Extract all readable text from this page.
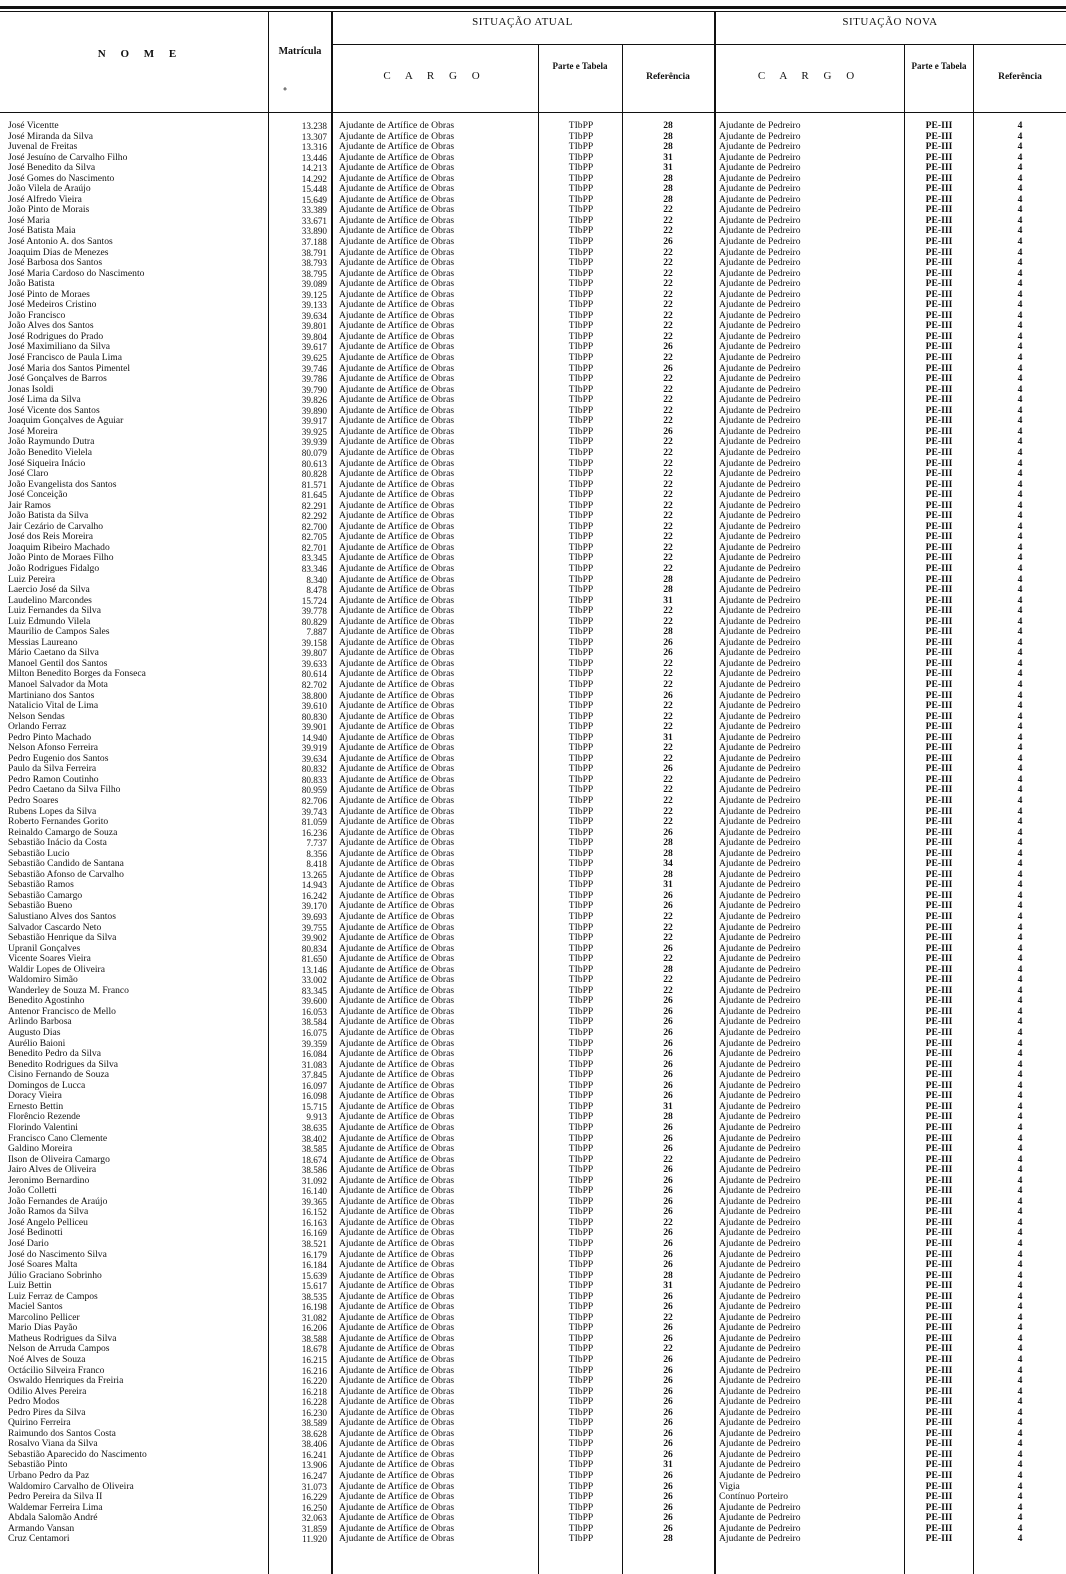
N O M E	Matrícula
º
SITUAÇÃO ATUAL	SITUAÇÃO NOVA
C A R G O
Parte e Tabela
Referência	C A R G O
Parte e Tabela
Referência
José Vicentte	13.238 Ajudante de Artífice de Obras	TIbPP	28	Ajudante de Pedreiro	PE-III	4
José Miranda da Silva	13.307 Ajudante de Artífice de Obras	TIbPP	28	Ajudante de Pedreiro	PE-III	4
Juvenal de Freitas	13.316 Ajudante de Artífice de Obras	TIbPP	28	Ajudante de Pedreiro	PE-III	4
José Jesuíno de Carvalho Filho	13.446 Ajudante de Artífice de Obras	TIbPP	31	Ajudante de Pedreiro	PE-III	4
José Benedito da Silva	14.213 Ajudante de Artífice de Obras	TIbPP	31	Ajudante de Pedreiro	PE-III	4
José Gomes do Nascimento	14.292 Ajudante de Artífice de Obras	TIbPP	28	Ajudante de Pedreiro	PE-III	4
João Vilela de Araújo	15.448 Ajudante de Artífice de Obras	TIbPP	28	Ajudante de Pedreiro	PE-III	4
José Alfredo Vieira	15.649 Ajudante de Artífice de Obras	TIbPP	28	Ajudante de Pedreiro	PE-III	4
João Pinto de Morais	33.389 Ajudante de Artífice de Obras	TIbPP	22	Ajudante de Pedreiro	PE-III	4
José Maria	33.671 Ajudante de Artífice de Obras	TIbPP	22	Ajudante de Pedreiro	PE-III	4
José Batista Maia	33.890 Ajudante de Artífice de Obras	TIbPP	22	Ajudante de Pedreiro	PE-III	4
José Antonio A. dos Santos	37.188 Ajudante de Artífice de Obras	TIbPP	26	Ajudante de Pedreiro	PE-III	4
Joaquim Dias de Menezes	38.791 Ajudante de Artífice de Obras	TIbPP	22	Ajudante de Pedreiro	PE-III	4
José Barbosa dos Santos	38.793 Ajudante de Artífice de Obras	TIbPP	22	Ajudante de Pedreiro	PE-III	4
José Maria Cardoso do Nascimento	38.795 Ajudante de Artífice de Obras	TIbPP	22	Ajudante de Pedreiro	PE-III	4
João Batista	39.089 Ajudante de Artífice de Obras	TIbPP	22	Ajudante de Pedreiro	PE-III	4
José Pinto de Moraes	39.125 Ajudante de Artífice de Obras	TIbPP	22	Ajudante de Pedreiro	PE-III	4
José Medeiros Cristino	39.133 Ajudante de Artífice de Obras	TIbPP	22	Ajudante de Pedreiro	PE-III	4
João Francisco	39.634 Ajudante de Artífice de Obras	TIbPP	22	Ajudante de Pedreiro	PE-III	4
João Alves dos Santos	39.801 Ajudante de Artífice de Obras	TIbPP	22	Ajudante de Pedreiro	PE-III	4
José Rodrigues do Prado	39.804 Ajudante de Artífice de Obras	TIbPP	22	Ajudante de Pedreiro	PE-III	4
José Maximiliano da Silva	39.617 Ajudante de Artífice de Obras	TIbPP	26	Ajudante de Pedreiro	PE-III	4
José Francisco de Paula Lima	39.625 Ajudante de Artífice de Obras	TIbPP	22	Ajudante de Pedreiro	PE-III	4
José Maria dos Santos Pimentel	39.746 Ajudante de Artífice de Obras	TIbPP	26	Ajudante de Pedreiro	PE-III	4
José Gonçalves de Barros	39.786 Ajudante de Artífice de Obras	TIbPP	22	Ajudante de Pedreiro	PE-III	4
Jonas Isoldi	39.790 Ajudante de Artífice de Obras	TIbPP	22	Ajudante de Pedreiro	PE-III	4
José Lima da Silva	39.826 Ajudante de Artífice de Obras	TIbPP	22	Ajudante de Pedreiro	PE-III	4
José Vicente dos Santos	39.890 Ajudante de Artífice de Obras	TIbPP	22	Ajudante de Pedreiro	PE-III	4
Joaquim Gonçalves de Aguiar	39.917 Ajudante de Artífice de Obras	TIbPP	22	Ajudante de Pedreiro	PE-III	4
José Moreira	39.925 Ajudante de Artífice de Obras	TIbPP	26	Ajudante de Pedreiro	PE-III	4
João Raymundo Dutra	39.939 Ajudante de Artífice de Obras	TIbPP	22	Ajudante de Pedreiro	PE-III	4
João Benedito Vielela	80.079 Ajudante de Artífice de Obras	TIbPP	22	Ajudante de Pedreiro	PE-III	4
José Siqueira Inácio	80.613 Ajudante de Artífice de Obras	TIbPP	22	Ajudante de Pedreiro	PE-III	4
José Claro	80.828 Ajudante de Artífice de Obras	TIbPP	22	Ajudante de Pedreiro	PE-III	4
João Evangelista dos Santos	81.571 Ajudante de Artífice de Obras	TIbPP	22	Ajudante de Pedreiro	PE-III	4
José Conceição	81.645 Ajudante de Artífice de Obras	TIbPP	22	Ajudante de Pedreiro	PE-III	4
Jair Ramos	82.291 Ajudante de Artífice de Obras	TIbPP	22	Ajudante de Pedreiro	PE-III	4
João Batista da Silva	82.292 Ajudante de Artífice de Obras	TIbPP	22	Ajudante de Pedreiro	PE-III	4
Jair Cezário de Carvalho	82.700 Ajudante de Artífice de Obras	TIbPP	22	Ajudante de Pedreiro	PE-III	4
José dos Reis Moreira	82.705 Ajudante de Artífice de Obras	TIbPP	22	Ajudante de Pedreiro	PE-III	4
Joaquim Ribeiro Machado	82.701 Ajudante de Artífice de Obras	TIbPP	22	Ajudante de Pedreiro	PE-III	4
João Pinto de Moraes Filho	83.345 Ajudante de Artífice de Obras	TIbPP	22	Ajudante de Pedreiro	PE-III	4
João Rodrigues Fidalgo	83.346 Ajudante de Artífice de Obras	TIbPP	22	Ajudante de Pedreiro	PE-III	4
Luiz Pereira	8.340 Ajudante de Artífice de Obras	TIbPP	28	Ajudante de Pedreiro	PE-III	4
Laercio José da Silva	8.478 Ajudante de Artífice de Obras	TIbPP	28	Ajudante de Pedreiro	PE-III	4
Laudelino Marcondes	15.724 Ajudante de Artífice de Obras	TIbPP	31	Ajudante de Pedreiro	PE-III	4
Luiz Fernandes da Silva	39.778 Ajudante de Artífice de Obras	TIbPP	22	Ajudante de Pedreiro	PE-III	4
Luiz Edmundo Vilela	80.829 Ajudante de Artífice de Obras	TIbPP	22	Ajudante de Pedreiro	PE-III	4
Maurilio de Campos Sales	7.887 Ajudante de Artífice de Obras	TIbPP	28	Ajudante de Pedreiro	PE-III	4
Messias Laureano	39.158 Ajudante de Artífice de Obras	TIbPP	26	Ajudante de Pedreiro	PE-III	4
Mário Caetano da Silva	39.807 Ajudante de Artífice de Obras	TIbPP	26	Ajudante de Pedreiro	PE-III	4
Manoel Gentil dos Santos	39.633 Ajudante de Artífice de Obras	TIbPP	22	Ajudante de Pedreiro	PE-III	4
Milton Benedito Borges da Fonseca	80.614 Ajudante de Artífice de Obras	TIbPP	22	Ajudante de Pedreiro	PE-III	4
Manoel Salvador da Mota	82.702 Ajudante de Artífice de Obras	TIbPP	22	Ajudante de Pedreiro	PE-III	4
Martiniano dos Santos	38.800 Ajudante de Artífice de Obras	TIbPP	26	Ajudante de Pedreiro	PE-III	4
Natalicio Vital de Lima	39.610 Ajudante de Artífice de Obras	TIbPP	22	Ajudante de Pedreiro	PE-III	4
Nelson Sendas	80.830 Ajudante de Artífice de Obras	TIbPP	22	Ajudante de Pedreiro	PE-III	4
Orlando Ferraz	39.901 Ajudante de Artífice de Obras	TIbPP	22	Ajudante de Pedreiro	PE-III	4
Pedro Pinto Machado	14.940 Ajudante de Artífice de Obras	TIbPP	31	Ajudante de Pedreiro	PE-III	4
Nelson Afonso Ferreira	39.919 Ajudante de Artífice de Obras	TIbPP	22	Ajudante de Pedreiro	PE-III	4
Pedro Eugenio dos Santos	39.634 Ajudante de Artífice de Obras	TIbPP	22	Ajudante de Pedreiro	PE-III	4
Paulo da Silva Ferreira	80.832 Ajudante de Artífice de Obras	TIbPP	26	Ajudante de Pedreiro	PE-III	4
Pedro Ramon Coutinho	80.833 Ajudante de Artífice de Obras	TIbPP	22	Ajudante de Pedreiro	PE-III	4
Pedro Caetano da Silva Filho	80.959 Ajudante de Artífice de Obras	TIbPP	22	Ajudante de Pedreiro	PE-III	4
Pedro Soares	82.706 Ajudante de Artífice de Obras	TIbPP	22	Ajudante de Pedreiro	PE-III	4
Rubens Lopes da Silva	39.743 Ajudante de Artífice de Obras	TIbPP	22	Ajudante de Pedreiro	PE-III	4
Roberto Fernandes Gorito	81.059 Ajudante de Artífice de Obras	TIbPP	22	Ajudante de Pedreiro	PE-III	4
Reinaldo Camargo de Souza	16.236 Ajudante de Artífice de Obras	TIbPP	26	Ajudante de Pedreiro	PE-III	4
Sebastião Inácio da Costa	7.737 Ajudante de Artífice de Obras	TIbPP	28	Ajudante de Pedreiro	PE-III	4
Sebastião Lucio	8.356 Ajudante de Artífice de Obras	TIbPP	28	Ajudante de Pedreiro	PE-III	4
Sebastião Candido de Santana	8.418 Ajudante de Artífice de Obras	TIbPP	34	Ajudante de Pedreiro	PE-III	4
Sebastião Afonso de Carvalho	13.265 Ajudante de Artífice de Obras	TIbPP	28	Ajudante de Pedreiro	PE-III	4
Sebastião Ramos	14.943 Ajudante de Artífice de Obras	TIbPP	31	Ajudante de Pedreiro	PE-III	4
Sebastião Camargo	16.242 Ajudante de Artífice de Obras	TIbPP	26	Ajudante de Pedreiro	PE-III	4
Sebastião Bueno	39.170 Ajudante de Artífice de Obras	TIbPP	26	Ajudante de Pedreiro	PE-III	4
Salustiano Alves dos Santos	39.693 Ajudante de Artífice de Obras	TIbPP	22	Ajudante de Pedreiro	PE-III	4
Salvador Cascardo Neto	39.755 Ajudante de Artífice de Obras	TIbPP	22	Ajudante de Pedreiro	PE-III	4
Sebastião Henrique da Silva	39.902 Ajudante de Artífice de Obras	TIbPP	22	Ajudante de Pedreiro	PE-III	4
Upranil Gonçalves	80.834 Ajudante de Artífice de Obras	TIbPP	26	Ajudante de Pedreiro	PE-III	4
Vicente Soares Vieira	81.650 Ajudante de Artífice de Obras	TIbPP	22	Ajudante de Pedreiro	PE-III	4
Waldir Lopes de Oliveira	13.146 Ajudante de Artífice de Obras	TIbPP	28	Ajudante de Pedreiro	PE-III	4
Waldomiro Simão	33.002 Ajudante de Artífice de Obras	TIbPP	22	Ajudante de Pedreiro	PE-III	4
Wanderley de Souza M. Franco	83.345 Ajudante de Artífice de Obras	TIbPP	22	Ajudante de Pedreiro	PE-III	4
Benedito Agostinho	39.600 Ajudante de Artífice de Obras	TIbPP	26	Ajudante de Pedreiro	PE-III	4
Antenor Francisco de Mello	16.053 Ajudante de Artífice de Obras	TIbPP	26	Ajudante de Pedreiro	PE-III	4
Arlindo Barbosa	38.584 Ajudante de Artífice de Obras	TIbPP	26	Ajudante de Pedreiro	PE-III	4
Augusto Dias	16.075 Ajudante de Artífice de Obras	TIbPP	26	Ajudante de Pedreiro	PE-III	4
Aurélio Baioni	39.359 Ajudante de Artífice de Obras	TIbPP	26	Ajudante de Pedreiro	PE-III	4
Benedito Pedro da Silva	16.084 Ajudante de Artífice de Obras	TIbPP	26	Ajudante de Pedreiro	PE-III	4
Benedito Rodrigues da Silva	31.083 Ajudante de Artífice de Obras	TIbPP	26	Ajudante de Pedreiro	PE-III	4
Cisino Fernando de Souza	37.845 Ajudante de Artífice de Obras	TIbPP	26	Ajudante de Pedreiro	PE-III	4
Domingos de Lucca	16.097 Ajudante de Artífice de Obras	TIbPP	26	Ajudante de Pedreiro	PE-III	4
Doracy Vieira	16.098 Ajudante de Artífice de Obras	TIbPP	26	Ajudante de Pedreiro	PE-III	4
Ernesto Bettin	15.715 Ajudante de Artífice de Obras	TIbPP	31	Ajudante de Pedreiro	PE-III	4
Florêncio Rezende	9.913 Ajudante de Artífice de Obras	TIbPP	28	Ajudante de Pedreiro	PE-III	4
Florindo Valentini	38.635 Ajudante de Artífice de Obras	TIbPP	26	Ajudante de Pedreiro	PE-III	4
Francisco Cano Clemente	38.402 Ajudante de Artífice de Obras	TIbPP	26	Ajudante de Pedreiro	PE-III	4
Galdino Moreira	38.585 Ajudante de Artífice de Obras	TIbPP	26	Ajudante de Pedreiro	PE-III	4
Ilson de Oliveira Camargo	18.674 Ajudante de Artífice de Obras	TIbPP	22	Ajudante de Pedreiro	PE-III	4
Jairo Alves de Oliveira	38.586 Ajudante de Artífice de Obras	TIbPP	26	Ajudante de Pedreiro	PE-III	4
Jeronimo Bernardino	31.092 Ajudante de Artífice de Obras	TIbPP	26	Ajudante de Pedreiro	PE-III	4
João Colletti	16.140 Ajudante de Artífice de Obras	TIbPP	26	Ajudante de Pedreiro	PE-III	4
João Fernandes de Araújo	39.365 Ajudante de Artífice de Obras	TIbPP	26	Ajudante de Pedreiro	PE-III	4
João Ramos da Silva	16.152 Ajudante de Artífice de Obras	TIbPP	26	Ajudante de Pedreiro	PE-III	4
José Angelo Pelliceu	16.163 Ajudante de Artífice de Obras	TIbPP	22	Ajudante de Pedreiro	PE-III	4
José Bedinotti	16.169 Ajudante de Artífice de Obras	TIbPP	26	Ajudante de Pedreiro	PE-III	4
José Dario	38.521 Ajudante de Artífice de Obras	TIbPP	26	Ajudante de Pedreiro	PE-III	4
José do Nascimento Silva	16.179 Ajudante de Artífice de Obras	TIbPP	26	Ajudante de Pedreiro	PE-III	4
José Soares Malta	16.184 Ajudante de Artífice de Obras	TIbPP	26	Ajudante de Pedreiro	PE-III	4
Júlio Graciano Sobrinho	15.639 Ajudante de Artífice de Obras	TIbPP	28	Ajudante de Pedreiro	PE-III	4
Luiz Bettin	15.617 Ajudante de Artífice de Obras	TIbPP	31	Ajudante de Pedreiro	PE-III	4
Luiz Ferraz de Campos	38.535 Ajudante de Artífice de Obras	TIbPP	26	Ajudante de Pedreiro	PE-III	4
Maciel Santos	16.198 Ajudante de Artífice de Obras	TIbPP	26	Ajudante de Pedreiro	PE-III	4
Marcolino Pellicer	31.082 Ajudante de Artífice de Obras	TIbPP	22	Ajudante de Pedreiro	PE-III	4
Mario Dias Payão	16.206 Ajudante de Artífice de Obras	TIbPP	26	Ajudante de Pedreiro	PE-III	4
Matheus Rodrigues da Silva	38.588 Ajudante de Artífice de Obras	TIbPP	26	Ajudante de Pedreiro	PE-III	4
Nelson de Arruda Campos	18.678 Ajudante de Artífice de Obras	TIbPP	22	Ajudante de Pedreiro	PE-III	4
Noé Alves de Souza	16.215 Ajudante de Artífice de Obras	TIbPP	26	Ajudante de Pedreiro	PE-III	4
Octácilio Silveira Franco	16.216 Ajudante de Artífice de Obras	TIbPP	26	Ajudante de Pedreiro	PE-III	4
Oswaldo Henriques da Freiria	16.220 Ajudante de Artífice de Obras	TIbPP	26	Ajudante de Pedreiro	PE-III	4
Odilio Alves Pereira	16.218 Ajudante de Artífice de Obras	TIbPP	26	Ajudante de Pedreiro	PE-III	4
Pedro Modos	16.228 Ajudante de Artífice de Obras	TIbPP	26	Ajudante de Pedreiro	PE-III	4
Pedro Pires da Silva	16.230 Ajudante de Artífice de Obras	TIbPP	26	Ajudante de Pedreiro	PE-III	4
Quirino Ferreira	38.589 Ajudante de Artífice de Obras	TIbPP	26	Ajudante de Pedreiro	PE-III	4
Raimundo dos Santos Costa	38.628 Ajudante de Artífice de Obras	TIbPP	26	Ajudante de Pedreiro	PE-III	4
Rosalvo Viana da Silva	38.406 Ajudante de Artífice de Obras	TIbPP	26	Ajudante de Pedreiro	PE-III	4
Sebastião Aparecido do Nascimento	16.241 Ajudante de Artífice de Obras	TIbPP	26	Ajudante de Pedreiro	PE-III	4
Sebastião Pinto	13.906 Ajudante de Artífice de Obras	TIbPP	31	Ajudante de Pedreiro	PE-III	4
Urbano Pedro da Paz	16.247 Ajudante de Artífice de Obras	TIbPP	26	Ajudante de Pedreiro	PE-III	4
Waldomiro Carvalho de Oliveira	31.073 Ajudante de Artífice de Obras	TIbPP	26	Vigia	PE-III	4
Pedro Pereira da Silva II	16.229 Ajudante de Artífice de Obras	TIbPP	26	Contínuo Porteiro	PE-III	4
Waldemar Ferreira Lima	16.250 Ajudante de Artífice de Obras	TIbPP	26	Ajudante de Pedreiro	PE-III	4
Abdala Salomão André	32.063 Ajudante de Artífice de Obras	TIbPP	26	Ajudante de Pedreiro	PE-III	4
Armando Vansan	31.859 Ajudante de Artífice de Obras	TIbPP	26	Ajudante de Pedreiro	PE-III	4
Cruz Centamori	11.920 Ajudante de Artífice de Obras	TIbPP	28	Ajudante de Pedreiro	PE-III	4
